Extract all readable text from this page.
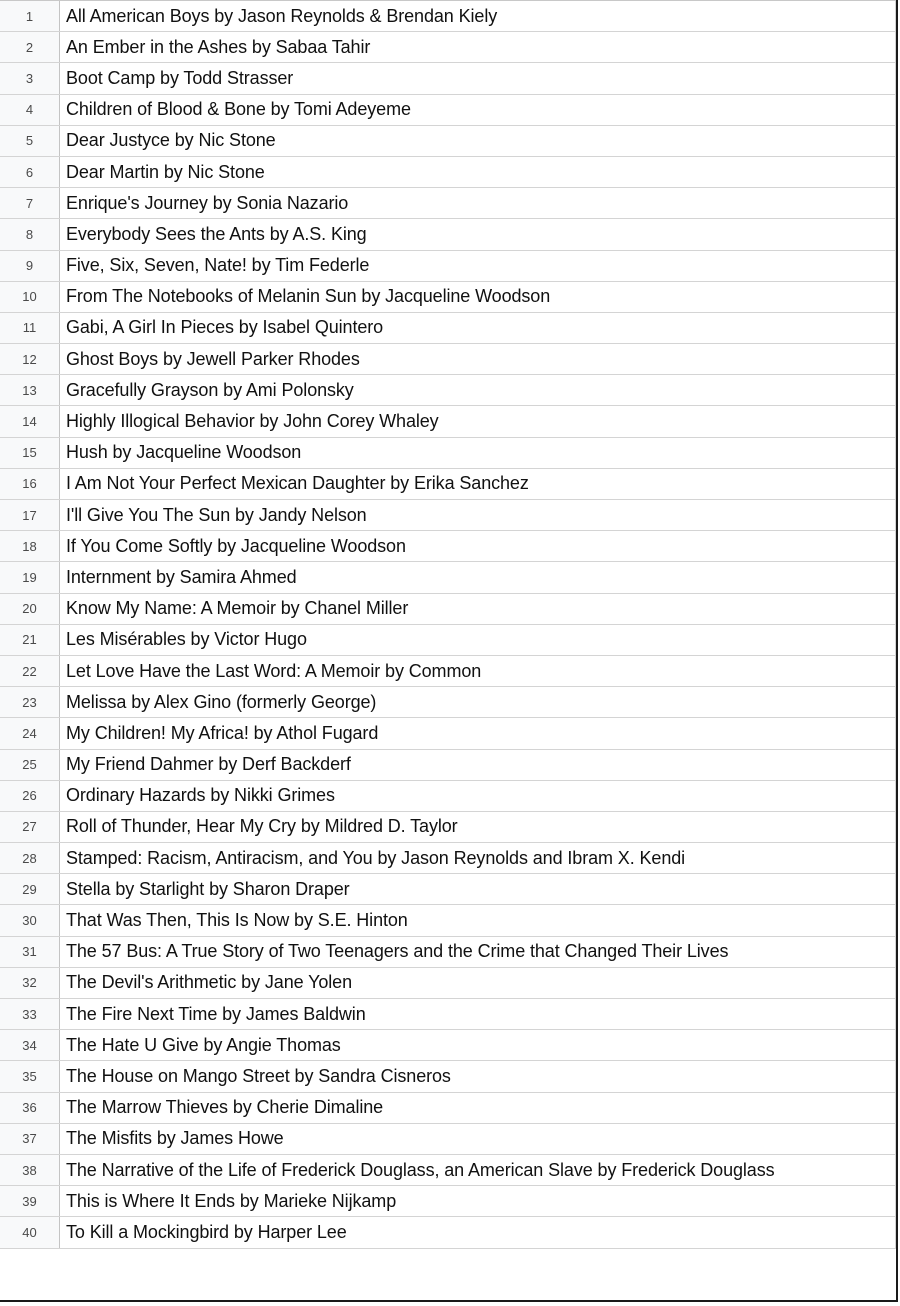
1	All American Boys by Jason Reynolds & Brendan Kiely
2	An Ember in the Ashes by Sabaa Tahir
3	Boot Camp by Todd Strasser
4	Children of Blood & Bone by Tomi Adeyeme
5	Dear Justyce by Nic Stone
6	Dear Martin by Nic Stone
7	Enrique's Journey by Sonia Nazario
8	Everybody Sees the Ants by A.S. King
9	Five, Six, Seven, Nate! by Tim Federle
10	From The Notebooks of Melanin Sun by Jacqueline Woodson
11	Gabi, A Girl In Pieces by Isabel Quintero
12	Ghost Boys by Jewell Parker Rhodes
13	Gracefully Grayson by Ami Polonsky
14	Highly Illogical Behavior by John Corey Whaley
15	Hush by Jacqueline Woodson
16	I Am Not Your Perfect Mexican Daughter by Erika Sanchez
17	I'll Give You The Sun by Jandy Nelson
18	If You Come Softly by Jacqueline Woodson
19	Internment by Samira Ahmed
20	Know My Name: A Memoir by Chanel Miller
21	Les Misérables by Victor Hugo
22	Let Love Have the Last Word: A Memoir by Common
23	Melissa by Alex Gino (formerly George)
24	My Children! My Africa! by Athol Fugard
25	My Friend Dahmer by Derf Backderf
26	Ordinary Hazards by Nikki Grimes
27	Roll of Thunder, Hear My Cry by Mildred D. Taylor
28	Stamped: Racism, Antiracism, and You by Jason Reynolds and Ibram X. Kendi
29	Stella by Starlight by Sharon Draper
30	That Was Then, This Is Now by S.E. Hinton
31	The 57 Bus: A True Story of Two Teenagers and the Crime that Changed Their Lives
32	The Devil's Arithmetic by Jane Yolen
33	The Fire Next Time by James Baldwin
34	The Hate U Give by Angie Thomas
35	The House on Mango Street by Sandra Cisneros
36	The Marrow Thieves by Cherie Dimaline
37	The Misfits by James Howe
38	The Narrative of the Life of Frederick Douglass, an American Slave by Frederick Douglass
39	This is Where It Ends by Marieke Nijkamp
40	To Kill a Mockingbird by Harper Lee
